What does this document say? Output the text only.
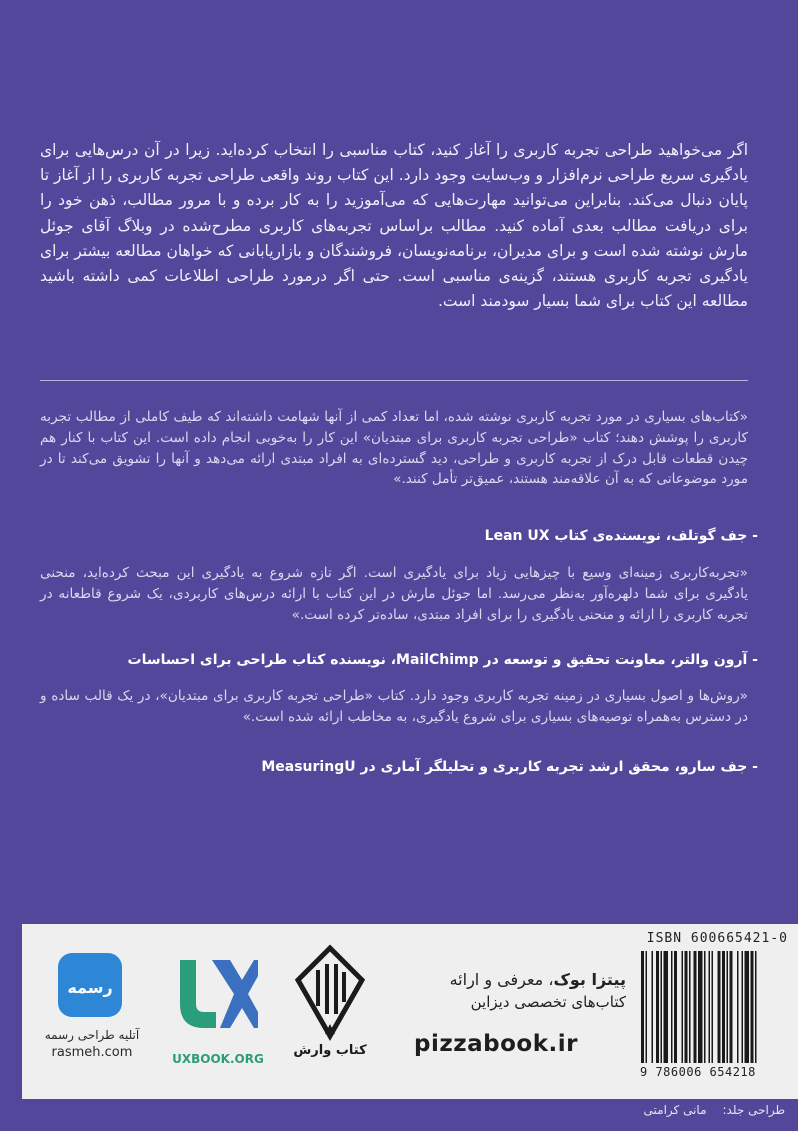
اگر می‌خواهید طراحی تجربه کاربری را آغاز کنید، کتاب مناسبی را انتخاب کرده‌اید. زیرا در آن درس‌هایی برای یادگیری سریع طراحی نرم‌افزار و وب‌سایت وجود دارد. این کتاب روند واقعی طراحی تجربه کاربری را از آغاز تا پایان دنبال می‌کند. بنابراین می‌توانید مهارت‌هایی که می‌آموزید را به کار برده و با مرور مطالب، ذهن خود را برای دریافت مطالب بعدی آماده کنید. مطالب براساس تجربه‌های کاربری مطرح‌شده در وبلاگ آقای جوئل مارش نوشته شده است و برای مدیران، برنامه‌نویسان، فروشندگان و بازاریابانی که خواهان مطالعه بیشتر برای یادگیری تجربه کاربری هستند، گزینه‌ی مناسبی است. حتی اگر درمورد طراحی اطلاعات کمی داشته باشید مطالعه این کتاب برای شما بسیار سودمند است.
«کتاب‌های بسیاری در مورد تجربه کاربری نوشته شده، اما تعداد کمی از آنها شهامت داشته‌اند که طیف کاملی از مطالب تجربه کاربری را پوشش دهند؛ کتاب «طراحی تجربه کاربری برای مبتدیان» این کار را به‌خوبی انجام داده است. این کتاب با کنار هم چیدن قطعات قابل درک از تجربه کاربری و طراحی، دید گسترده‌ای به افراد مبتدی ارائه می‌دهد و آنها را تشویق می‌کند تا در مورد موضوعاتی که به آن علاقه‌مند هستند، عمیق‌تر تأمل کنند.»
- جف گوتلف، نویسنده‌ی کتاب Lean UX
«تجربه‌کاربری زمینه‌ای وسیع با چیزهایی زیاد برای یادگیری است. اگر تازه شروع به یادگیری این مبحث کرده‌اید، منحنی یادگیری برای شما دلهره‌آور به‌نظر می‌رسد. اما جوئل مارش در این کتاب با ارائه درس‌های کاربردی، یک شروع قاطعانه در تجربه کاربری را ارائه و منحنی یادگیری را برای افراد مبتدی، ساده‌تر کرده است.»
- آرون والتر، معاونت تحقیق و توسعه در MailChimp، نویسنده کتاب طراحی برای احساسات
«روش‌ها و اصول بسیاری در زمینه تجربه کاربری وجود دارد. کتاب «طراحی تجربه کاربری برای مبتدیان»، در یک قالب ساده و در دسترس به‌همراه توصیه‌های بسیاری برای شروع یادگیری، به مخاطب ارائه شده است.»
- جف سارو، محقق ارشد تجربه کاربری و تحلیلگر آماری در MeasuringU
ISBN 600665421-0
9 786006 654218
پیتزا بوک، معرفی و ارائه
کتاب‌های تخصصی دیزاین
pizzabook.ir
کتاب وارش
UXBOOK.ORG
رسمه
آتلیه طراحی رسمه
rasmeh.com
طراحی جلد:مانی کرامتی
